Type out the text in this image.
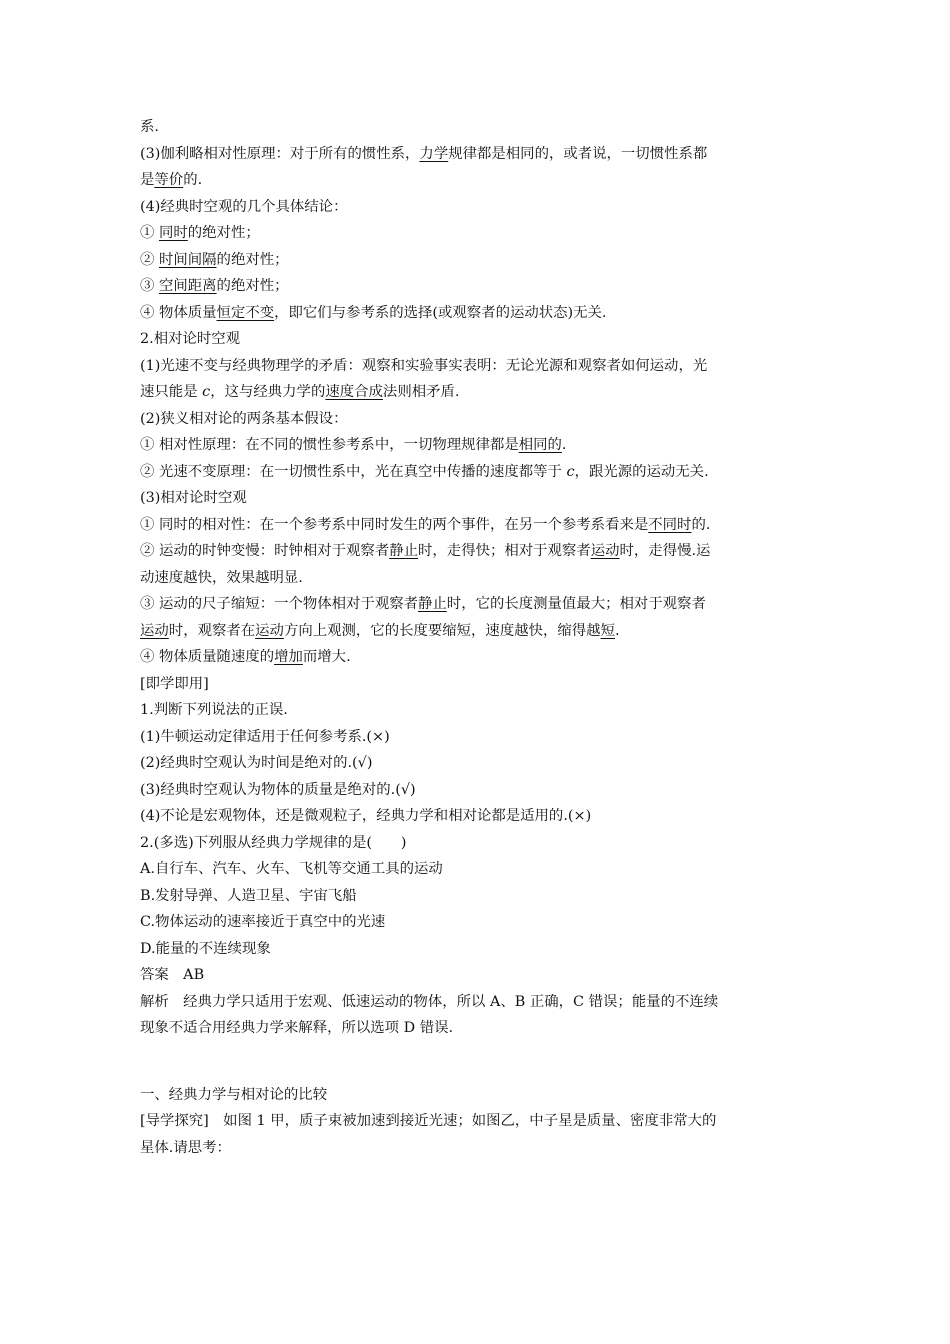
系.
(3)伽利略相对性原理：对于所有的惯性系，力学规律都是相同的，或者说，一切惯性系都
是等价的.
(4)经典时空观的几个具体结论：
① 同时的绝对性；
② 时间间隔的绝对性；
③ 空间距离的绝对性；
④ 物体质量恒定不变，即它们与参考系的选择(或观察者的运动状态)无关.
2.相对论时空观
(1)光速不变与经典物理学的矛盾：观察和实验事实表明：无论光源和观察者如何运动，光
速只能是 c，这与经典力学的速度合成法则相矛盾.
(2)狭义相对论的两条基本假设：
① 相对性原理：在不同的惯性参考系中，一切物理规律都是相同的.
② 光速不变原理：在一切惯性系中，光在真空中传播的速度都等于 c，跟光源的运动无关.
(3)相对论时空观
① 同时的相对性：在一个参考系中同时发生的两个事件，在另一个参考系看来是不同时的.
② 运动的时钟变慢：时钟相对于观察者静止时，走得快；相对于观察者运动时，走得慢.运
动速度越快，效果越明显.
③ 运动的尺子缩短：一个物体相对于观察者静止时，它的长度测量值最大；相对于观察者
运动时，观察者在运动方向上观测，它的长度要缩短，速度越快，缩得越短.
④ 物体质量随速度的增加而增大.
[即学即用]
1.判断下列说法的正误.
(1)牛顿运动定律适用于任何参考系.(×)
(2)经典时空观认为时间是绝对的.(√)
(3)经典时空观认为物体的质量是绝对的.(√)
(4)不论是宏观物体，还是微观粒子，经典力学和相对论都是适用的.(×)
2.(多选)下列服从经典力学规律的是(　　)
A.自行车、汽车、火车、飞机等交通工具的运动
B.发射导弹、人造卫星、宇宙飞船
C.物体运动的速率接近于真空中的光速
D.能量的不连续现象
答案　AB
解析　经典力学只适用于宏观、低速运动的物体，所以 A、B 正确，C 错误；能量的不连续
现象不适合用经典力学来解释，所以选项 D 错误.
一、经典力学与相对论的比较
[导学探究]　如图 1 甲，质子束被加速到接近光速；如图乙，中子星是质量、密度非常大的
星体.请思考：
